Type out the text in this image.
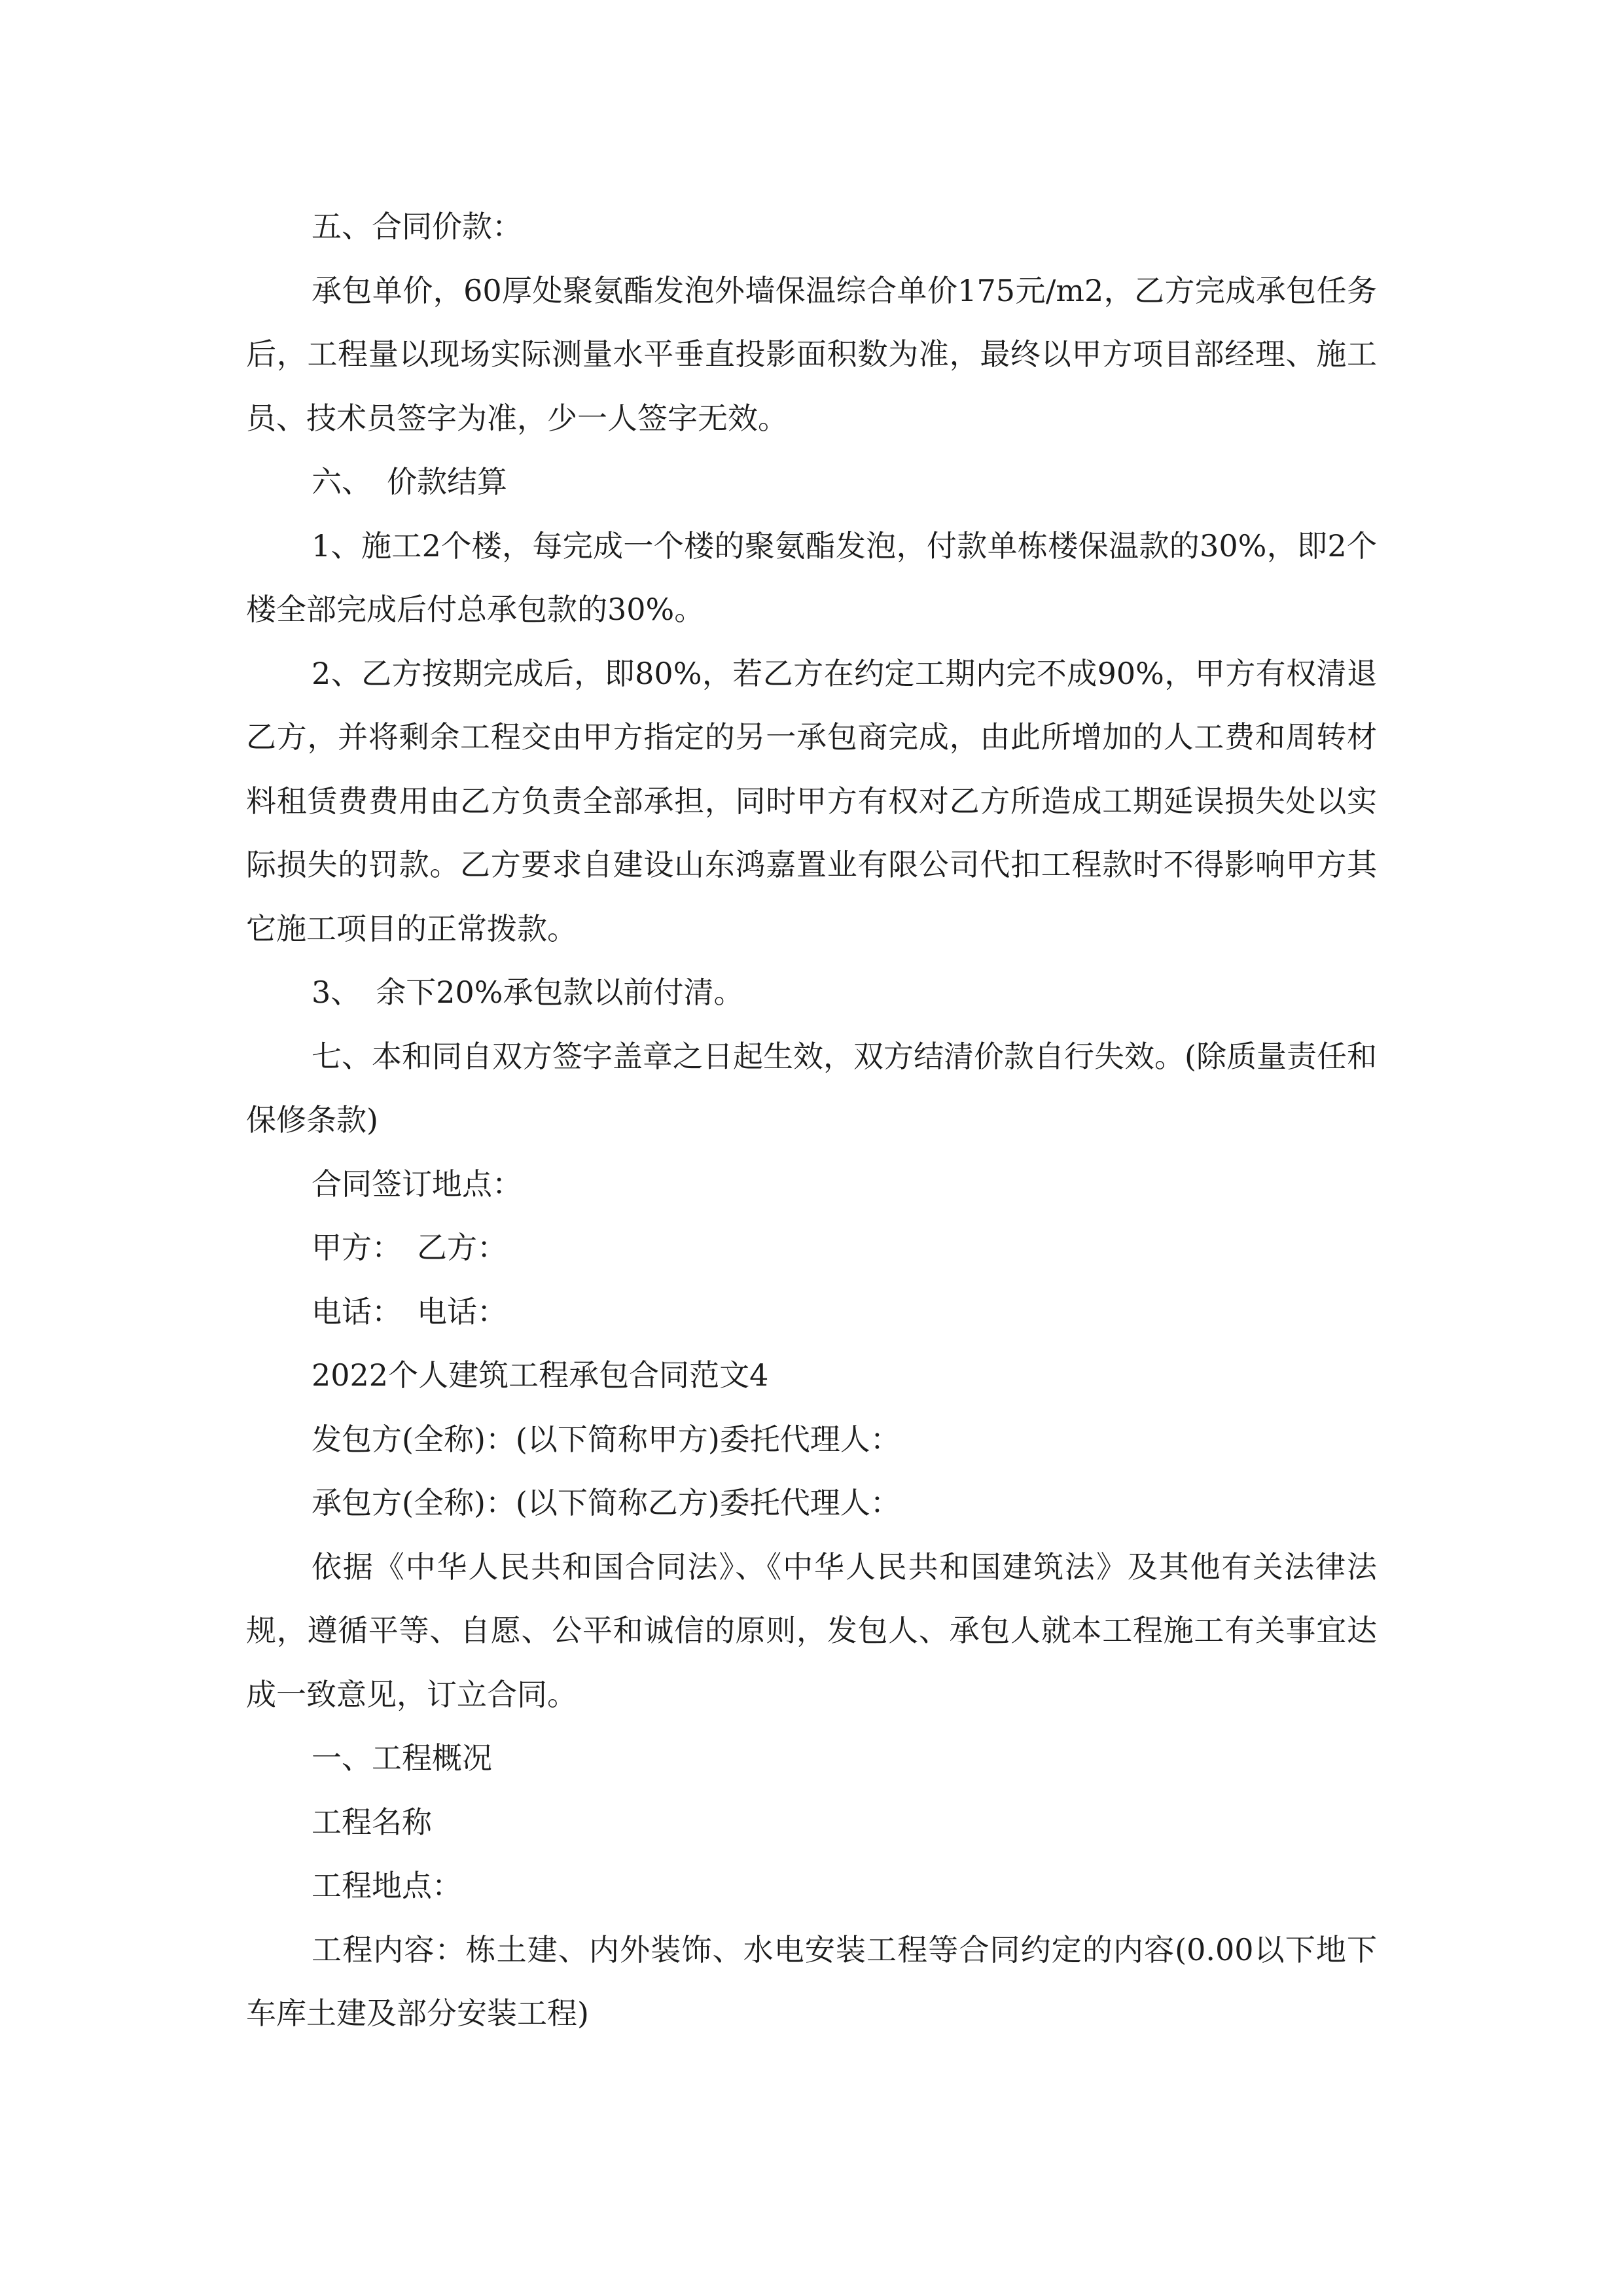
五、合同价款：

承包单价，60厚处聚氨酯发泡外墙保温综合单价175元/m2，乙方完成承包任务后，工程量以现场实际测量水平垂直投影面积数为准，最终以甲方项目部经理、施工员、技术员签字为准，少一人签字无效。

六、　价款结算

1、施工2个楼，每完成一个楼的聚氨酯发泡，付款单栋楼保温款的30%，即2个楼全部完成后付总承包款的30%。

2、乙方按期完成后，即80%，若乙方在约定工期内完不成90%，甲方有权清退乙方，并将剩余工程交由甲方指定的另一承包商完成，由此所增加的人工费和周转材料租赁费费用由乙方负责全部承担，同时甲方有权对乙方所造成工期延误损失处以实际损失的罚款。乙方要求自建设山东鸿嘉置业有限公司代扣工程款时不得影响甲方其它施工项目的正常拨款。

3、　余下20%承包款以前付清。

七、本和同自双方签字盖章之日起生效，双方结清价款自行失效。(除质量责任和保修条款)

合同签订地点：

甲方：　乙方：

电话：　电话：

2022个人建筑工程承包合同范文4

发包方(全称)：(以下简称甲方)委托代理人：

承包方(全称)：(以下简称乙方)委托代理人：

依据《中华人民共和国合同法》、《中华人民共和国建筑法》及其他有关法律法规，遵循平等、自愿、公平和诚信的原则，发包人、承包人就本工程施工有关事宜达成一致意见，订立合同。

一、工程概况

工程名称

工程地点：

工程内容：栋土建、内外装饰、水电安装工程等合同约定的内容(0.00以下地下车库土建及部分安装工程)
